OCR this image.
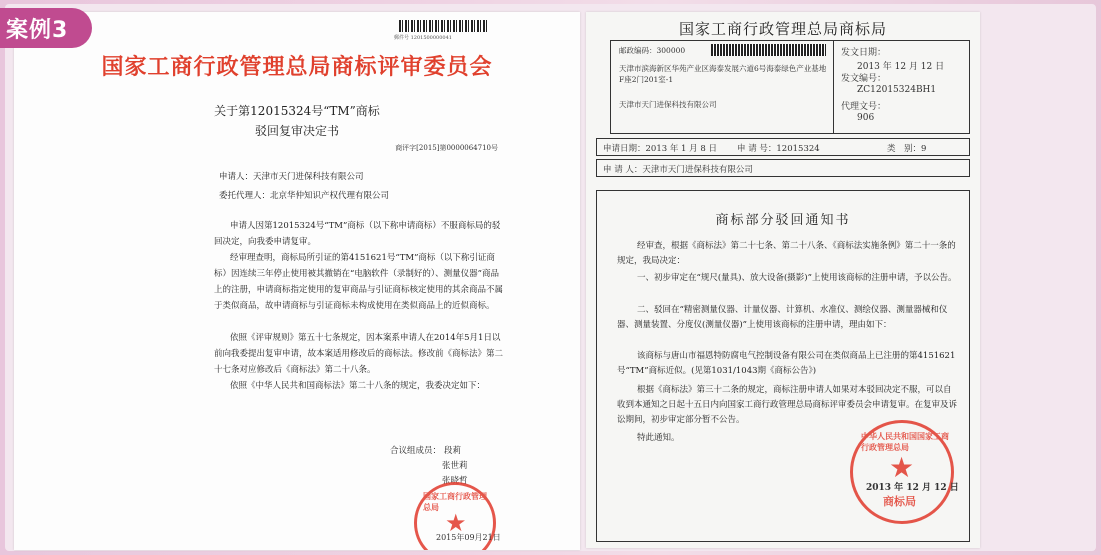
案例3	郵件号 1201500000041
国家工商行政管理总局商标评审委员会
关于第12015324号“TM”商标
驳回复审决定书
商评字[2015]第0000064710号
申请人：天津市天门进保科技有限公司
委托代理人：北京华仲知识产权代理有限公司
申请人因第12015324号“TM”商标（以下称申请商标）不服商标局的驳回决定，向我委申请复审。
经审理查明，商标局所引证的第4151621号“TM”商标（以下称引证商标）因连续三年停止使用被其撤销在“电脑软件（录制好的）、测量仪器”商品上的注册，申请商标指定使用的复审商品与引证商标核定使用的其余商品不属于类似商品，故申请商标与引证商标未构成使用在类似商品上的近似商标。
依照《评审规则》第五十七条规定，因本案系申请人在2014年5月1日以前向我委提出复审申请，故本案适用修改后的商标法。修改前《商标法》第二十七条对应修改后《商标法》第二十八条。
依照《中华人民共和国商标法》第二十八条的规定，我委决定如下：
合议组成员： 段莉
张世莉
张晓哲
国家工商行政管理总局
★
2015年09月21日
国家工商行政管理总局商标局
邮政编码：300000
天津市滨海新区华苑产业区海泰发展六道6号海泰绿色产业基地F座2门201室-1
天津市天门进保科技有限公司
发文日期：
2013 年 12 月 12 日
发文编号：
ZC12015324BH1
代理文号：
906
申请日期：2013 年 1 月 8 日 申 请 号：12015324	类　别：9
申 请 人：天津市天门进保科技有限公司
商标部分驳回通知书
经审查，根据《商标法》第二十七条、第二十八条、《商标法实施条例》第二十一条的规定，我局决定：
一、初步审定在“规尺(量具)、放大设备(摄影)”上使用该商标的注册申请，予以公告。
二、驳回在“精密测量仪器、计量仪器、计算机、水准仪、测绘仪器、测量器械和仪器、测量装置、分度仪(测量仪器)”上使用该商标的注册申请，理由如下：
该商标与唐山市福恩特防腐电气控制设备有限公司在类似商品上已注册的第4151621号“TM”商标近似。(见第1031/1043期《商标公告》)
根据《商标法》第三十二条的规定，商标注册申请人如果对本驳回决定不服，可以自收到本通知之日起十五日内向国家工商行政管理总局商标评审委员会申请复审。在复审及诉讼期间，初步审定部分暂不公告。
特此通知。	中华人民共和国国家工商行政管理总局
★
商标局
2013 年 12 月 12 日
